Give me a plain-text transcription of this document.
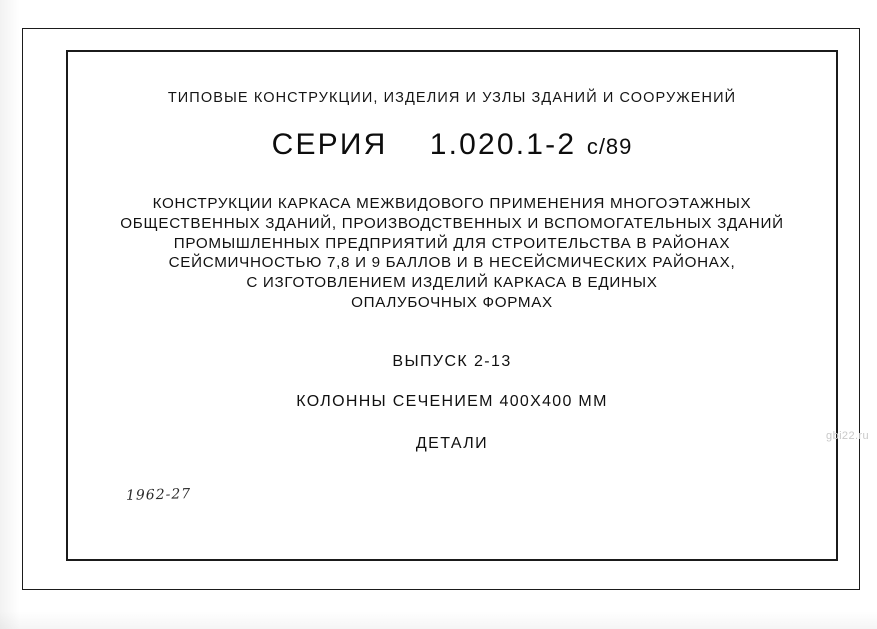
ТИПОВЫЕ КОНСТРУКЦИИ, ИЗДЕЛИЯ И УЗЛЫ ЗДАНИЙ И СООРУЖЕНИЙ
СЕРИЯ 1.020.1-2 с/89
КОНСТРУКЦИИ КАРКАСА МЕЖВИДОВОГО ПРИМЕНЕНИЯ МНОГОЭТАЖНЫХ
ОБЩЕСТВЕННЫХ ЗДАНИЙ, ПРОИЗВОДСТВЕННЫХ И ВСПОМОГАТЕЛЬНЫХ ЗДАНИЙ
ПРОМЫШЛЕННЫХ ПРЕДПРИЯТИЙ ДЛЯ СТРОИТЕЛЬСТВА В РАЙОНАХ
СЕЙСМИЧНОСТЬЮ 7,8 И 9 БАЛЛОВ И В НЕСЕЙСМИЧЕСКИХ РАЙОНАХ,
С ИЗГОТОВЛЕНИЕМ ИЗДЕЛИЙ КАРКАСА В ЕДИНЫХ
ОПАЛУБОЧНЫХ ФОРМАХ
ВЫПУСК 2-13
КОЛОННЫ СЕЧЕНИЕМ 400Х400 ММ
ДЕТАЛИ
1962-27
gbi22.ru
